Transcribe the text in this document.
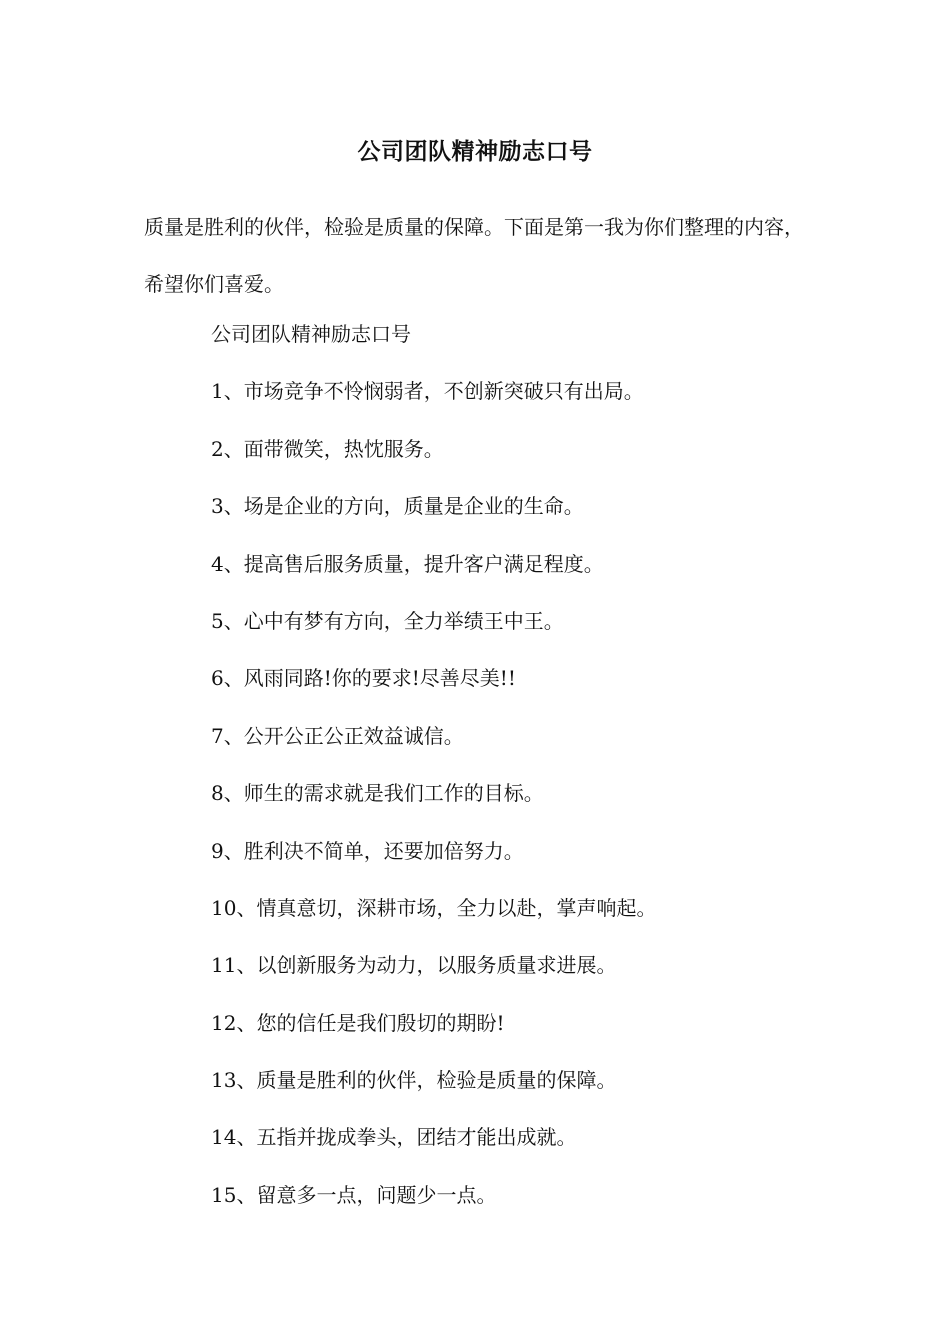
公司团队精神励志口号

质量是胜利的伙伴，检验是质量的保障。下面是第一我为你们整理的内容，希望你们喜爱。

公司团队精神励志口号
1、市场竞争不怜悯弱者，不创新突破只有出局。
2、面带微笑，热忱服务。
3、场是企业的方向，质量是企业的生命。
4、提高售后服务质量，提升客户满足程度。
5、心中有梦有方向，全力举绩王中王。
6、风雨同路!你的要求!尽善尽美!!
7、公开公正公正效益诚信。
8、师生的需求就是我们工作的目标。
9、胜利决不简单，还要加倍努力。
10、情真意切，深耕市场，全力以赴，掌声响起。
11、以创新服务为动力，以服务质量求进展。
12、您的信任是我们殷切的期盼!
13、质量是胜利的伙伴，检验是质量的保障。
14、五指并拢成拳头，团结才能出成就。
15、留意多一点，问题少一点。
